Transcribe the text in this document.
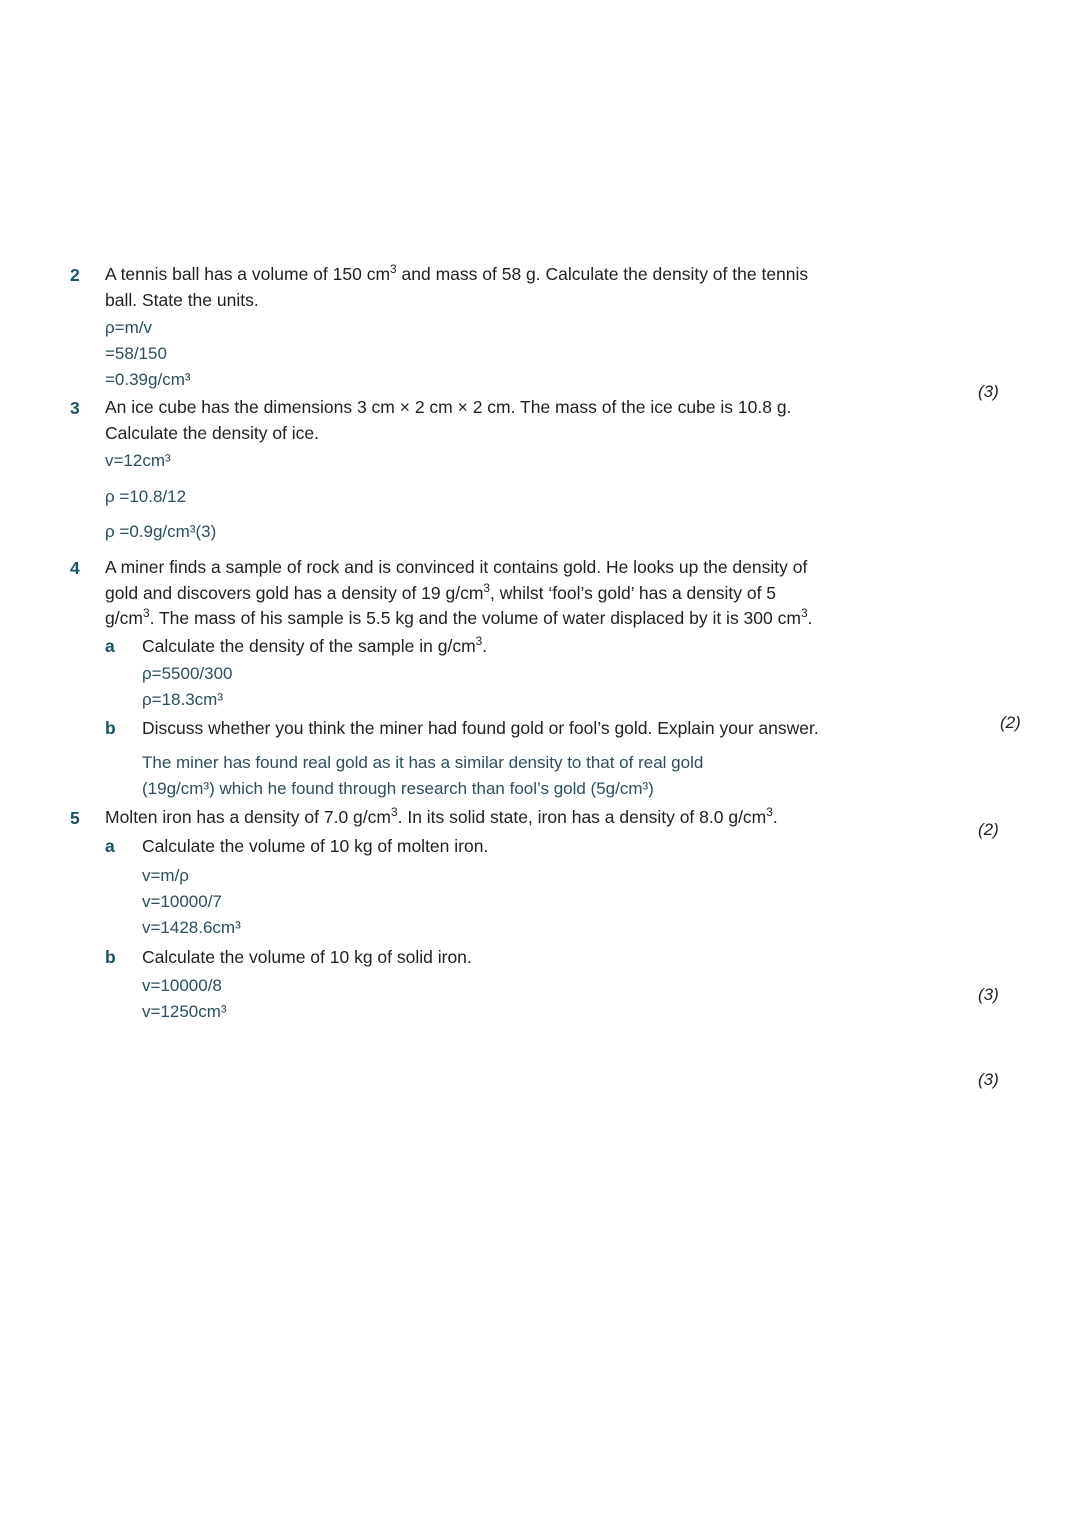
2	A tennis ball has a volume of 150 $cm^3$ and mass of 58 g. Calculate the density of the tennis ball. State the units.
ρ=m/v
=58/150
=0.39g/cm³
(3)
3	An ice cube has the dimensions 3 cm × 2 cm × 2 cm. The mass of the ice cube is 10.8 g. Calculate the density of ice.
v=12cm³
ρ =10.8/12
ρ =0.9g/cm³(3)
4	A miner finds a sample of rock and is convinced it contains gold. He looks up the density of gold and discovers gold has a density of 19 $g/cm^3$, whilst ‘fool’s gold’ has a density of 5 $g/cm^3$. The mass of his sample is 5.5 kg and the volume of water displaced by it is 300 $cm^3$.
a	Calculate the density of the sample in $g/cm^3$.
ρ=5500/300
ρ=18.3cm³
b	Discuss whether you think the miner had found gold or fool’s gold. Explain your answer.
The miner has found real gold as it has a similar density to that of real gold
(19g/cm³) which he found through research than fool’s gold (5g/cm³)
(2)
(2)
5	Molten iron has a density of 7.0 $g/cm^3$. In its solid state, iron has a density of 8.0 $g/cm^3$.
a	Calculate the volume of 10 kg of molten iron.
v=m/ρ
v=10000/7
v=1428.6cm³
b	Calculate the volume of 10 kg of solid iron.
v=10000/8
v=1250cm³
(3)
(3)
